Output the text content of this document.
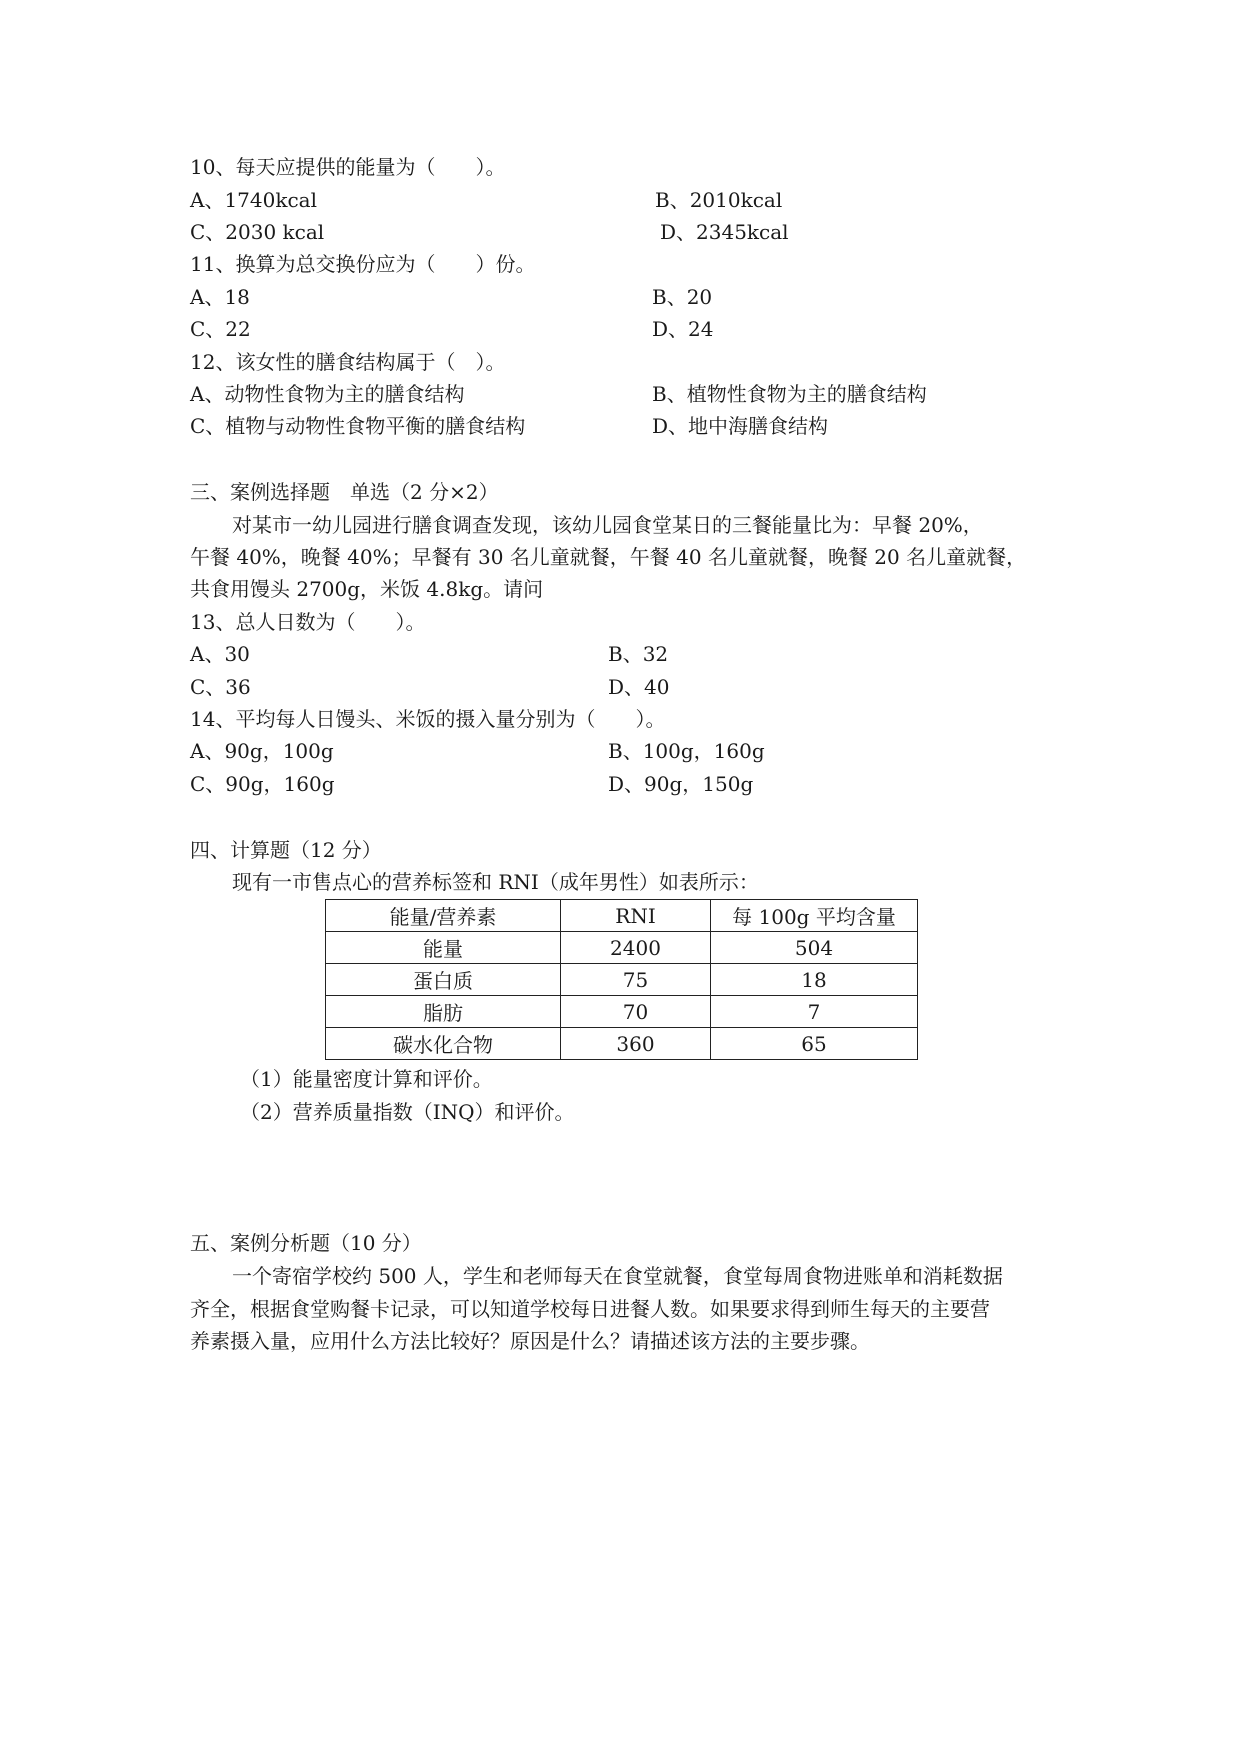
10、每天应提供的能量为（　　）。
A、1740kcal	B、2010kcal
C、2030 kcal	D、2345kcal
11、换算为总交换份应为（　　）份。
A、18	B、20
C、22	D、24
12、该女性的膳食结构属于（　）。
A、动物性食物为主的膳食结构	B、植物性食物为主的膳食结构
C、植物与动物性食物平衡的膳食结构	D、地中海膳食结构
三、案例选择题　单选（2 分×2）
对某市一幼儿园进行膳食调查发现，该幼儿园食堂某日的三餐能量比为：早餐 20%，
午餐 40%，晚餐 40%；早餐有 30 名儿童就餐，午餐 40 名儿童就餐，晚餐 20 名儿童就餐，
共食用馒头 2700g，米饭 4.8kg。请问
13、总人日数为（　　）。
A、30	B、32
C、36	D、40
14、平均每人日馒头、米饭的摄入量分别为（　　）。
A、90g，100g	B、100g，160g
C、90g，160g	D、90g，150g
四、计算题（12 分）
现有一市售点心的营养标签和 RNI（成年男性）如表所示：
能量/营养素	RNI	每 100g 平均含量
能量	2400	504
蛋白质	75	18
脂肪	70	7
碳水化合物	360	65
（1）能量密度计算和评价。
（2）营养质量指数（INQ）和评价。
五、案例分析题（10 分）
一个寄宿学校约 500 人，学生和老师每天在食堂就餐，食堂每周食物进账单和消耗数据
齐全，根据食堂购餐卡记录，可以知道学校每日进餐人数。如果要求得到师生每天的主要营
养素摄入量，应用什么方法比较好？原因是什么？请描述该方法的主要步骤。
